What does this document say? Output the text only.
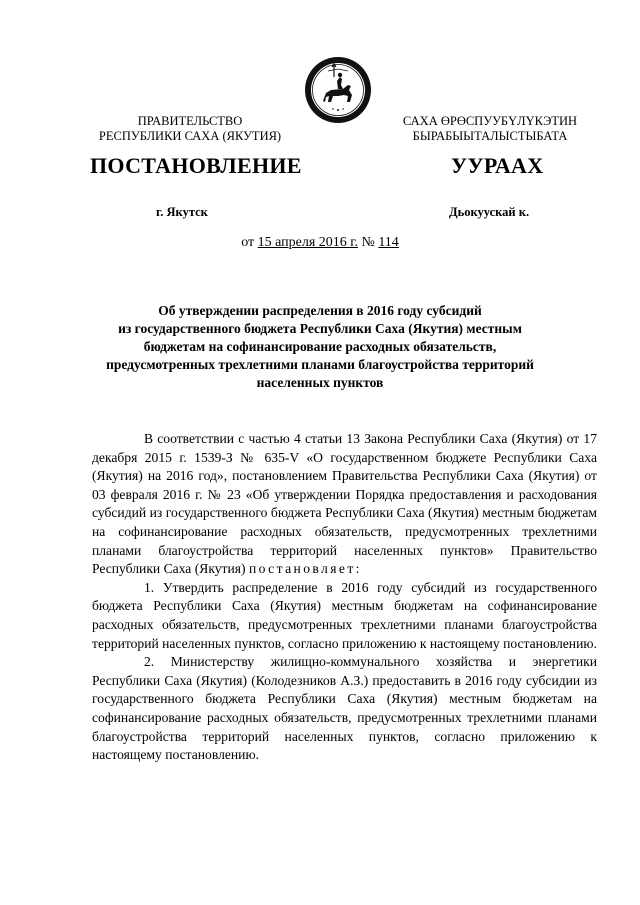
ПРАВИТЕЛЬСТВО
РЕСПУБЛИКИ САХА (ЯКУТИЯ)
САХА ӨРӨСПУУБҮЛҮКЭТИН
БЫРАБЫЫТАЛЫСТЫБАТА
ПОСТАНОВЛЕНИЕ	УУРААХ
г. Якутск	Дьокуускай к.
от 15 апреля 2016 г. № 114
Об утверждении распределения в 2016 году субсидий
из государственного бюджета Республики Саха (Якутия) местным
бюджетам на софинансирование расходных обязательств,
предусмотренных трехлетними планами благоустройства территорий
населенных пунктов

В соответствии с частью 4 статьи 13 Закона Республики Саха (Якутия) от 17 декабря 2015 г. 1539-З № 635-V «О государственном бюджете Республики Саха (Якутия) на 2016 год», постановлением Правительства Республики Саха (Якутия) от 03 февраля 2016 г. № 23 «Об утверждении Порядка предоставления и расходования субсидий из государственного бюджета Республики Саха (Якутия) местным бюджетам на софинансирование расходных обязательств, предусмотренных трехлетними планами благоустройства территорий населенных пунктов» Правительство Республики Саха (Якутия) постановляет:

1. Утвердить распределение в 2016 году субсидий из государственного бюджета Республики Саха (Якутия) местным бюджетам на софинансирование расходных обязательств, предусмотренных трехлетними планами благоустройства территорий населенных пунктов, согласно приложению к настоящему постановлению.

2. Министерству жилищно-коммунального хозяйства и энергетики Республики Саха (Якутия) (Колодезников А.З.) предоставить в 2016 году субсидии из государственного бюджета Республики Саха (Якутия) местным бюджетам на софинансирование расходных обязательств, предусмотренных трехлетними планами благоустройства территорий населенных пунктов, согласно приложению к настоящему постановлению.
